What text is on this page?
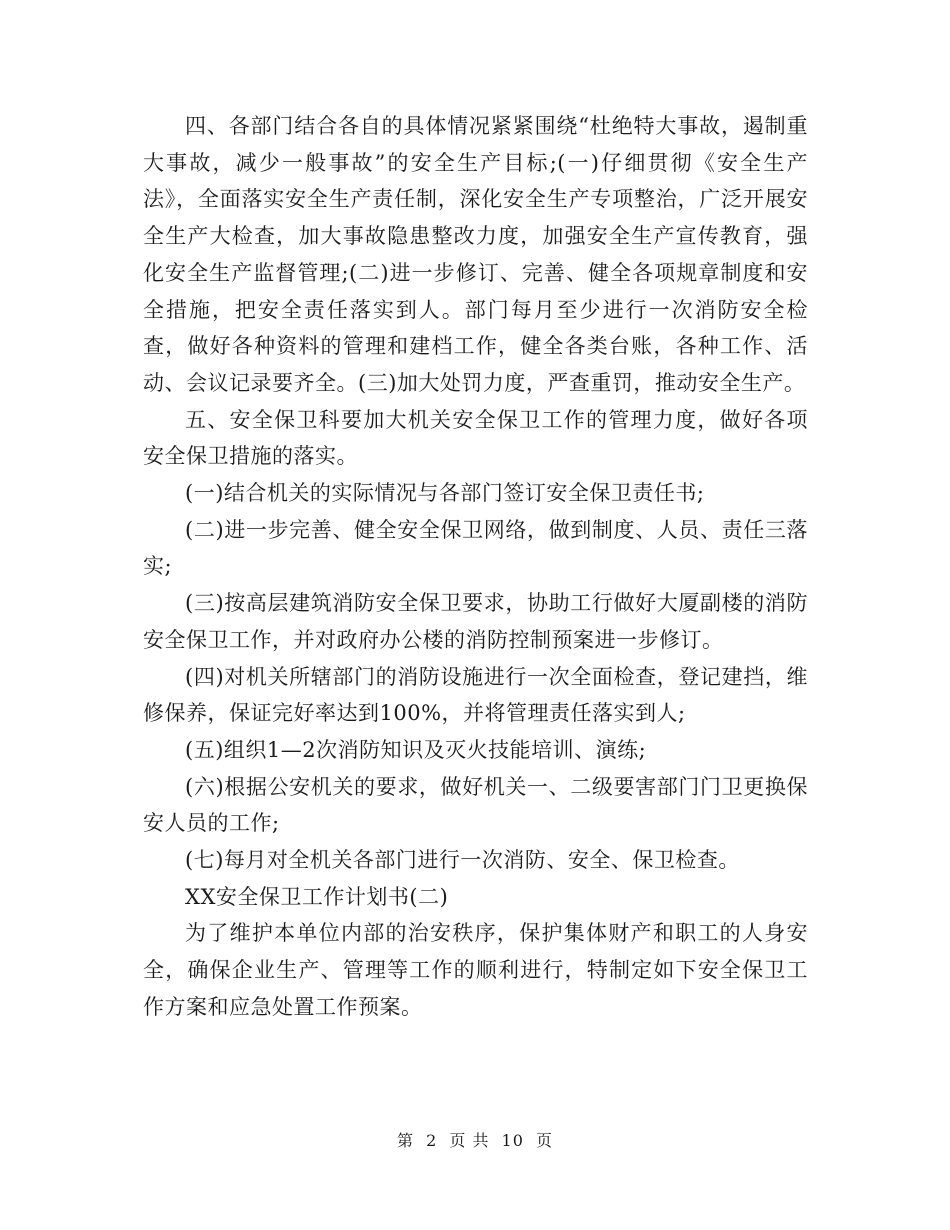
四、各部门结合各自的具体情况紧紧围绕“杜绝特大事故，遏制重大事故，减少一般事故”的安全生产目标;(一)仔细贯彻《安全生产法》，全面落实安全生产责任制，深化安全生产专项整治，广泛开展安全生产大检查，加大事故隐患整改力度，加强安全生产宣传教育，强化安全生产监督管理;(二)进一步修订、完善、健全各项规章制度和安全措施，把安全责任落实到人。部门每月至少进行一次消防安全检查，做好各种资料的管理和建档工作，健全各类台账，各种工作、活动、会议记录要齐全。(三)加大处罚力度，严查重罚，推动安全生产。

五、安全保卫科要加大机关安全保卫工作的管理力度，做好各项安全保卫措施的落实。

(一)结合机关的实际情况与各部门签订安全保卫责任书;

(二)进一步完善、健全安全保卫网络，做到制度、人员、责任三落实;

(三)按高层建筑消防安全保卫要求，协助工行做好大厦副楼的消防安全保卫工作，并对政府办公楼的消防控制预案进一步修订。

(四)对机关所辖部门的消防设施进行一次全面检查，登记建挡，维修保养，保证完好率达到100%，并将管理责任落实到人;

(五)组织1—2次消防知识及灭火技能培训、演练;

(六)根据公安机关的要求，做好机关一、二级要害部门门卫更换保安人员的工作;

(七)每月对全机关各部门进行一次消防、安全、保卫检查。

XX安全保卫工作计划书(二)

为了维护本单位内部的治安秩序，保护集体财产和职工的人身安全，确保企业生产、管理等工作的顺利进行，特制定如下安全保卫工作方案和应急处置工作预案。

第 2 页 共 10 页
